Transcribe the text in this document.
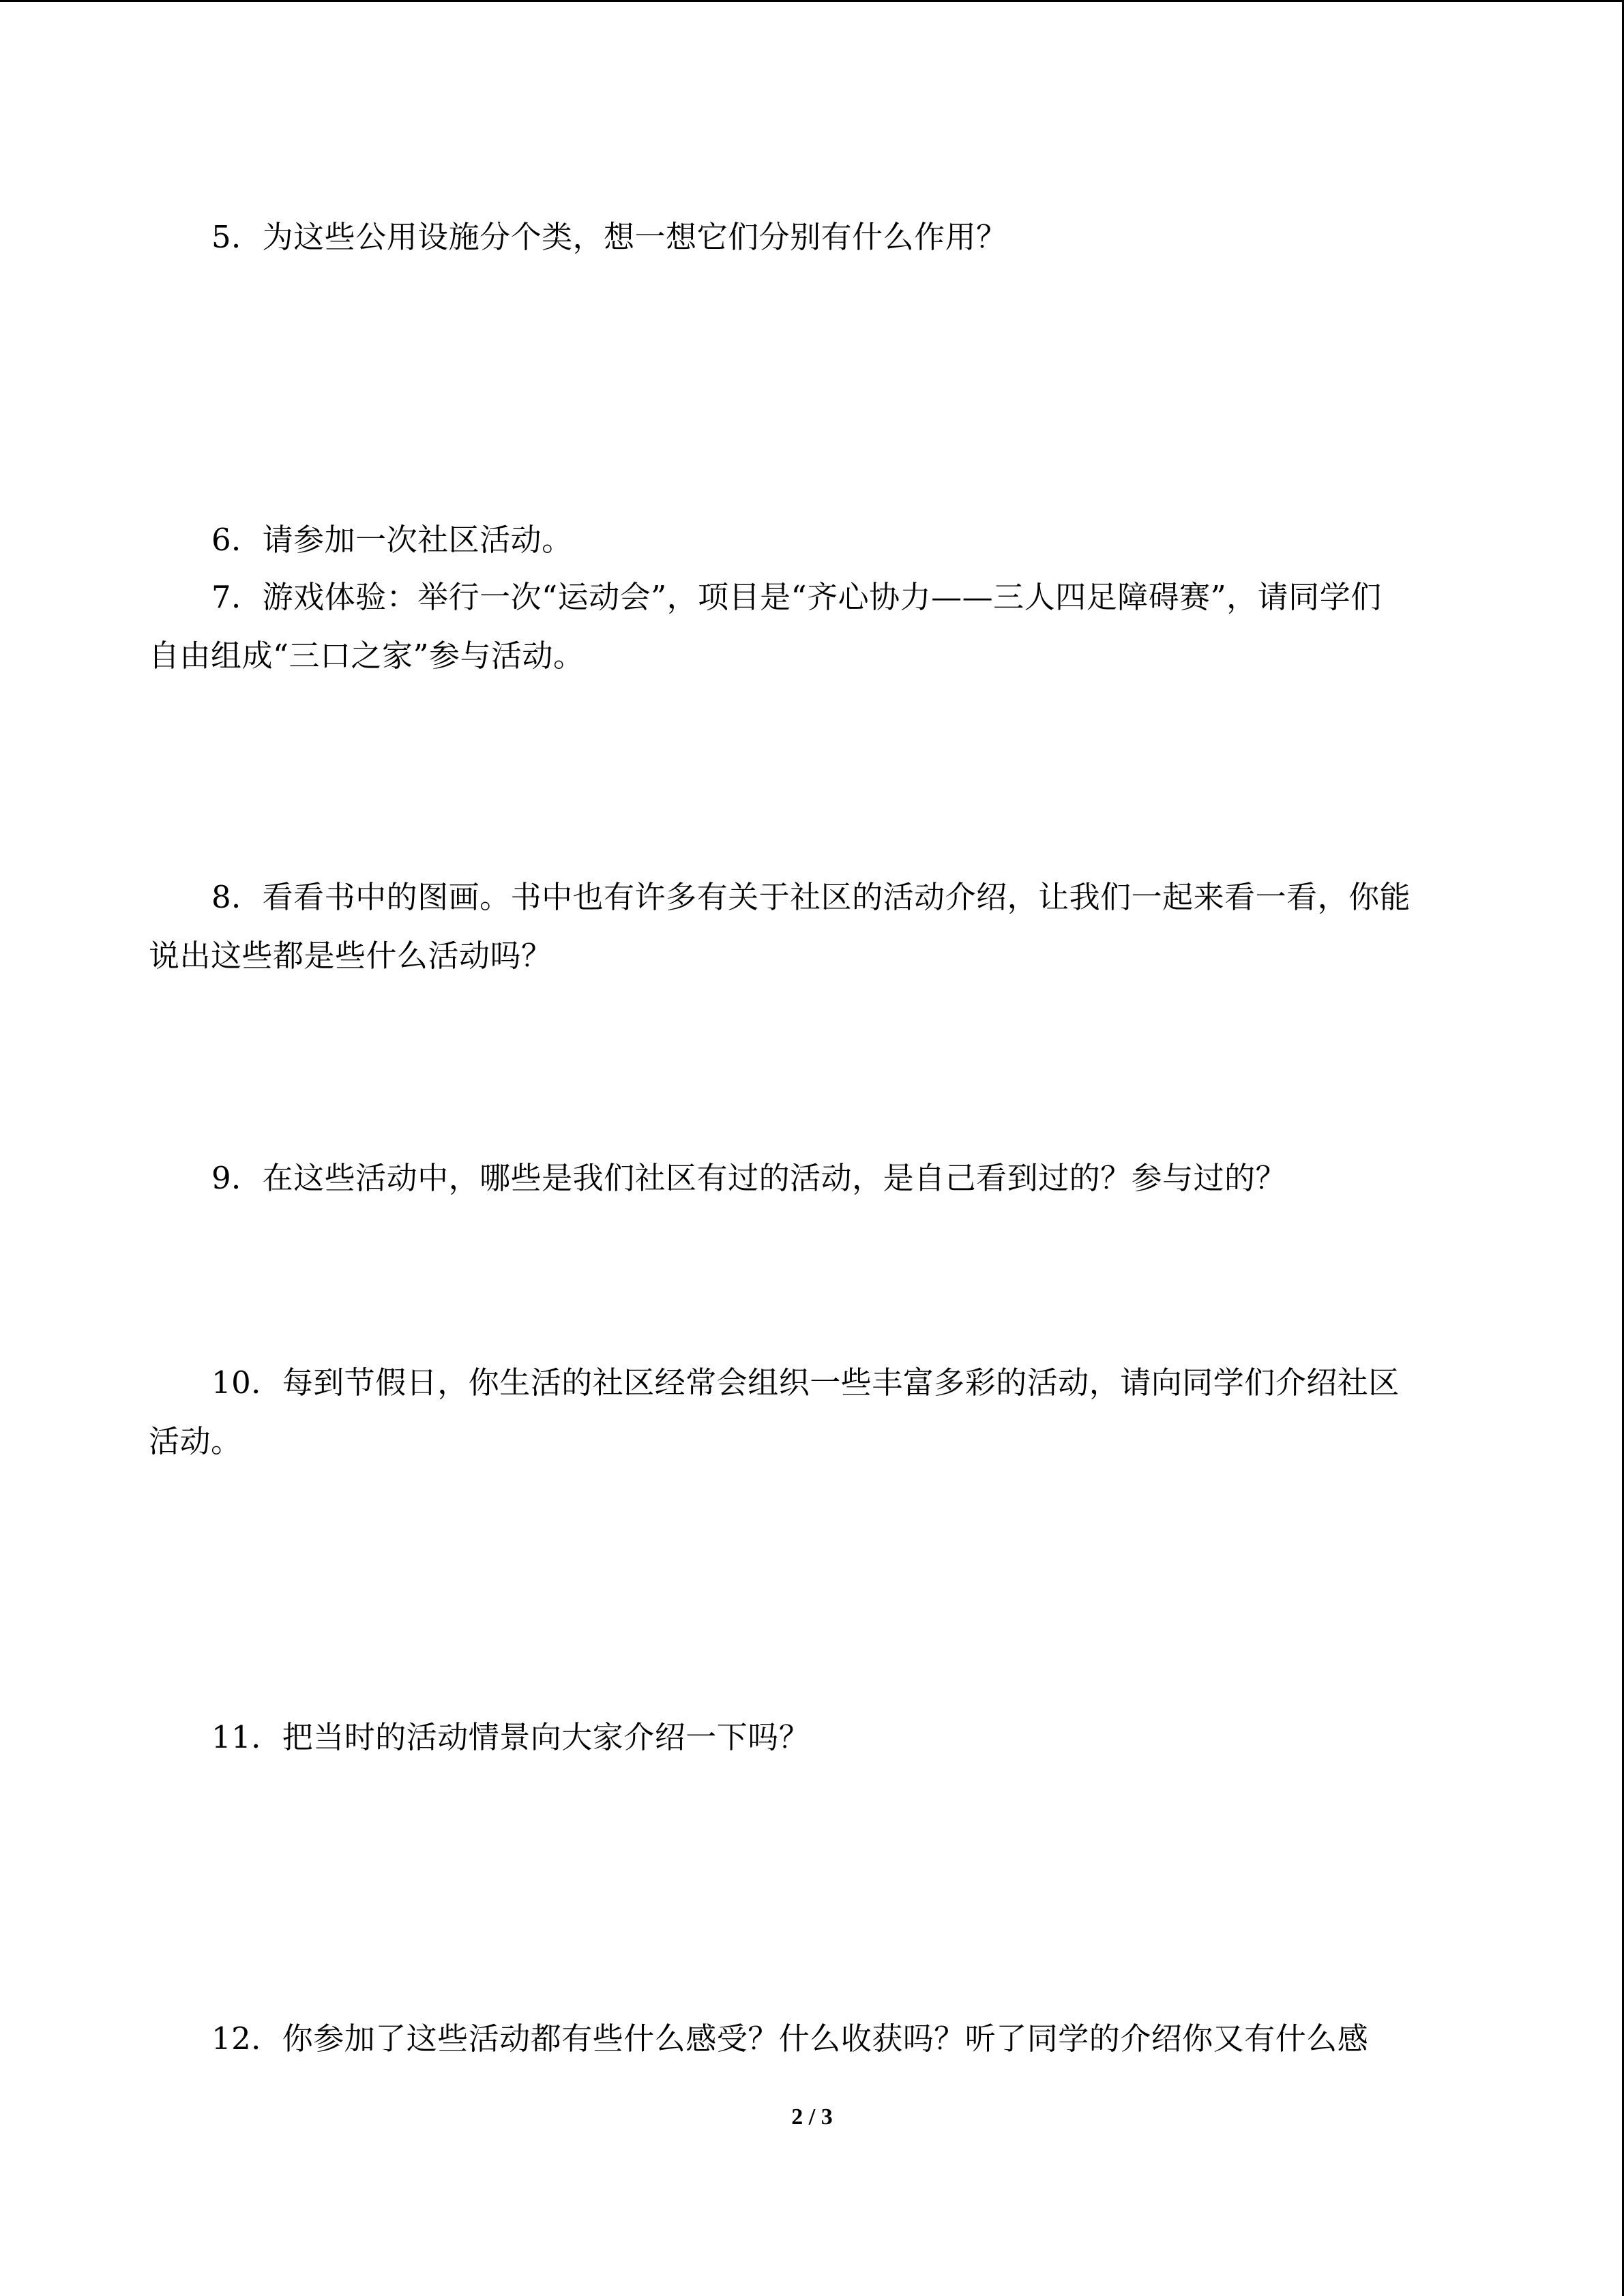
5．为这些公用设施分个类，想一想它们分别有什么作用？

6．请参加一次社区活动。

7．游戏体验：举行一次“运动会”，项目是“齐心协力——三人四足障碍赛”，请同学们

自由组成“三口之家”参与活动。

8．看看书中的图画。书中也有许多有关于社区的活动介绍，让我们一起来看一看，你能

说出这些都是些什么活动吗？

9．在这些活动中，哪些是我们社区有过的活动，是自己看到过的？参与过的？

10．每到节假日，你生活的社区经常会组织一些丰富多彩的活动，请向同学们介绍社区

活动。

11．把当时的活动情景向大家介绍一下吗？

12．你参加了这些活动都有些什么感受？什么收获吗？听了同学的介绍你又有什么感

2 / 3
